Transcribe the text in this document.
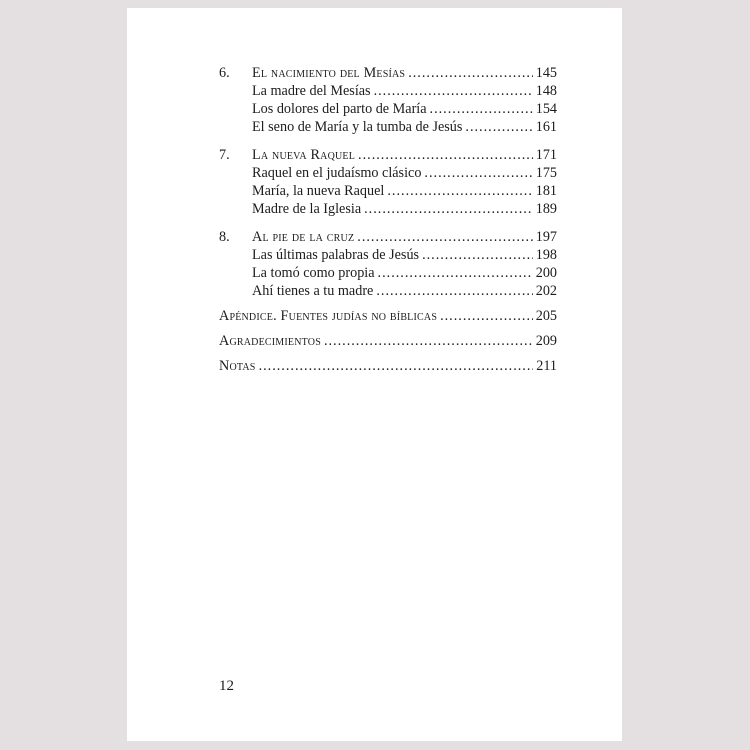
6.	El nacimiento del Mesías .....	145
La madre del Mesías .....	148
Los dolores del parto de María .....	154
El seno de María y la tumba de Jesús .....	161
7.	La nueva Raquel .....	171
Raquel en el judaísmo clásico .....	175
María, la nueva Raquel .....	181
Madre de la Iglesia .....	189
8.	Al pie de la cruz .....	197
Las últimas palabras de Jesús .....	198
La tomó como propia .....	200
Ahí tienes a tu madre .....	202
Apéndice. Fuentes judías no bíblicas .....	205
Agradecimientos .....	209
Notas .....	211
12
